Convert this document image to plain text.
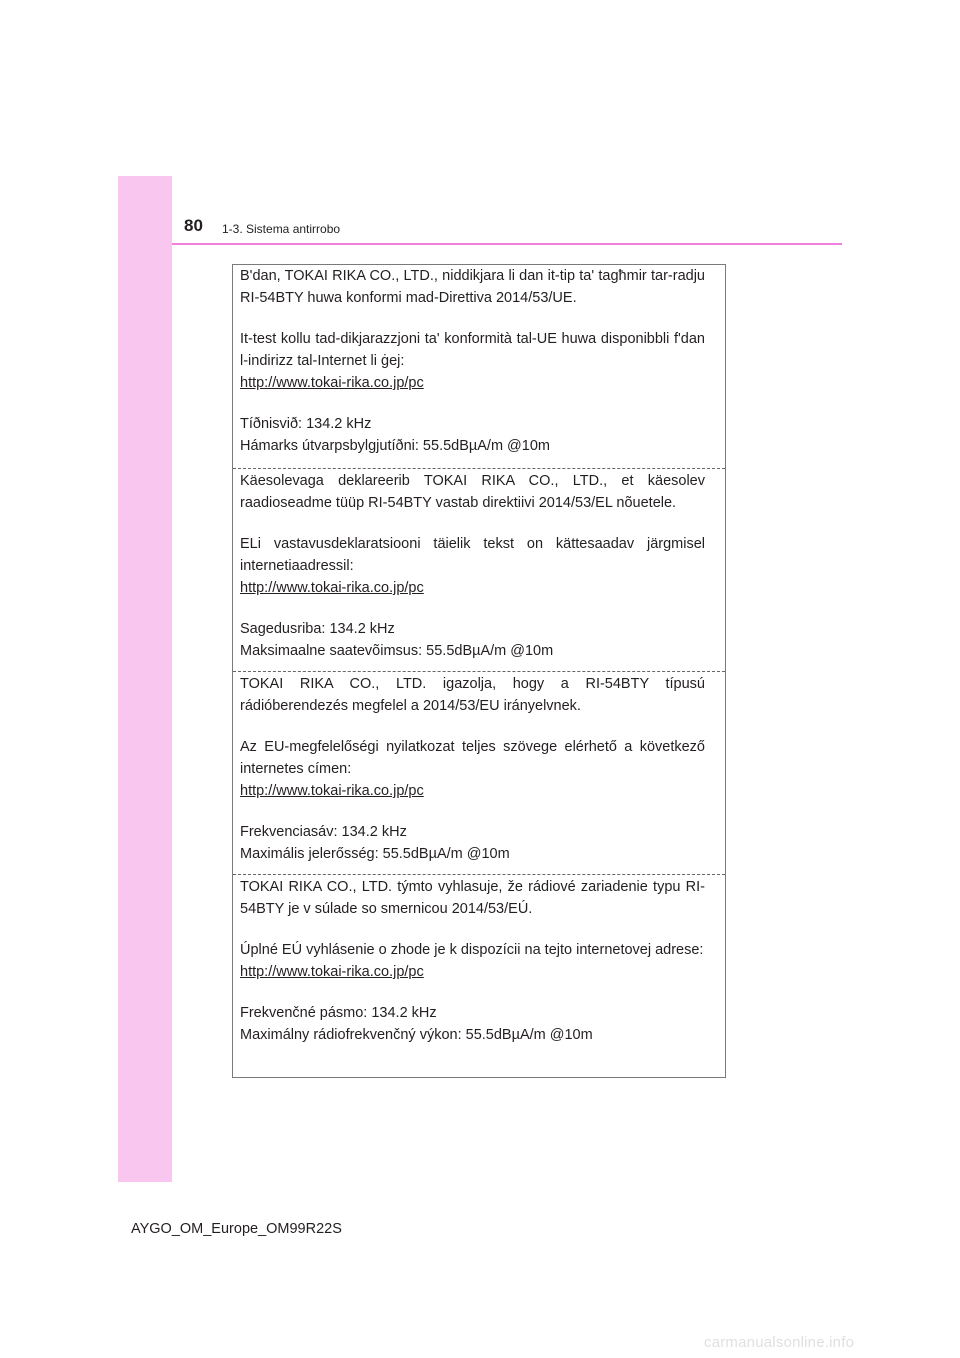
80 1-3. Sistema antirrobo

B'dan, TOKAI RIKA CO., LTD., niddikjara li dan it-tip ta' tagħmir tar-radju RI-54BTY huwa konformi mad-Direttiva 2014/53/UE.

It-test kollu tad-dikjarazzjoni ta' konformità tal-UE huwa disponibbli f'dan l-indirizz tal-Internet li ġej:

http://www.tokai-rika.co.jp/pc

Tíðnisvið: 134.2 kHz

Hámarks útvarpsbylgjutíðni: 55.5dBµA/m @10m

Käesolevaga deklareerib TOKAI RIKA CO., LTD., et käesolev raadioseadme tüüp RI-54BTY vastab direktiivi 2014/53/EL nõuetele.

ELi vastavusdeklaratsiooni täielik tekst on kättesaadav järgmisel internetiaadressil:

http://www.tokai-rika.co.jp/pc

Sagedusriba: 134.2 kHz

Maksimaalne saatevõimsus: 55.5dBµA/m @10m

TOKAI RIKA CO., LTD. igazolja, hogy a RI-54BTY típusú rádióberendezés megfelel a 2014/53/EU irányelvnek.

Az EU-megfelelőségi nyilatkozat teljes szövege elérhető a következő internetes címen:

http://www.tokai-rika.co.jp/pc

Frekvenciasáv: 134.2 kHz

Maximális jelerősség: 55.5dBµA/m @10m

TOKAI RIKA CO., LTD. týmto vyhlasuje, že rádiové zariadenie typu RI-54BTY je v súlade so smernicou 2014/53/EÚ.

Úplné EÚ vyhlásenie o zhode je k dispozícii na tejto internetovej adrese:

http://www.tokai-rika.co.jp/pc

Frekvenčné pásmo: 134.2 kHz

Maximálny rádiofrekvenčný výkon: 55.5dBµA/m @10m

AYGO_OM_Europe_OM99R22S
carmanualsonline.info
